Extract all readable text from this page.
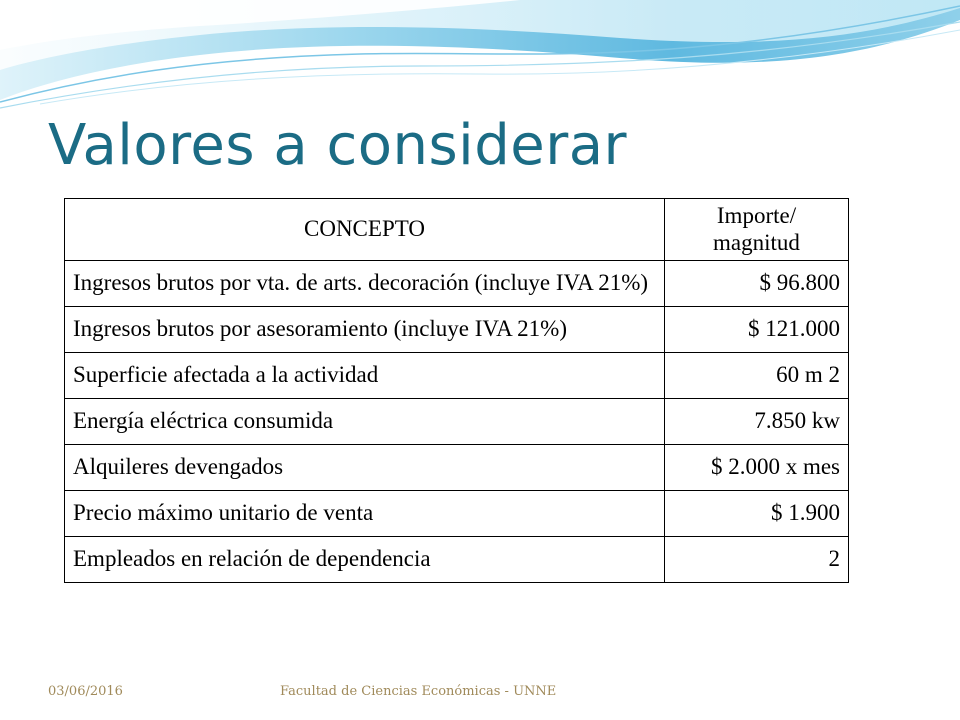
Valores a considerar
CONCEPTO	Importe/ magnitud
Ingresos brutos por vta. de arts. decoración (incluye IVA 21%)	$ 96.800
Ingresos brutos por asesoramiento (incluye IVA 21%)	$ 121.000
Superficie afectada a la actividad	60 m 2
Energía eléctrica consumida	7.850 kw
Alquileres devengados	$ 2.000 x mes
Precio máximo unitario de venta	$ 1.900
Empleados en relación de dependencia	2
03/06/2016	Facultad de Ciencias Económicas - UNNE
